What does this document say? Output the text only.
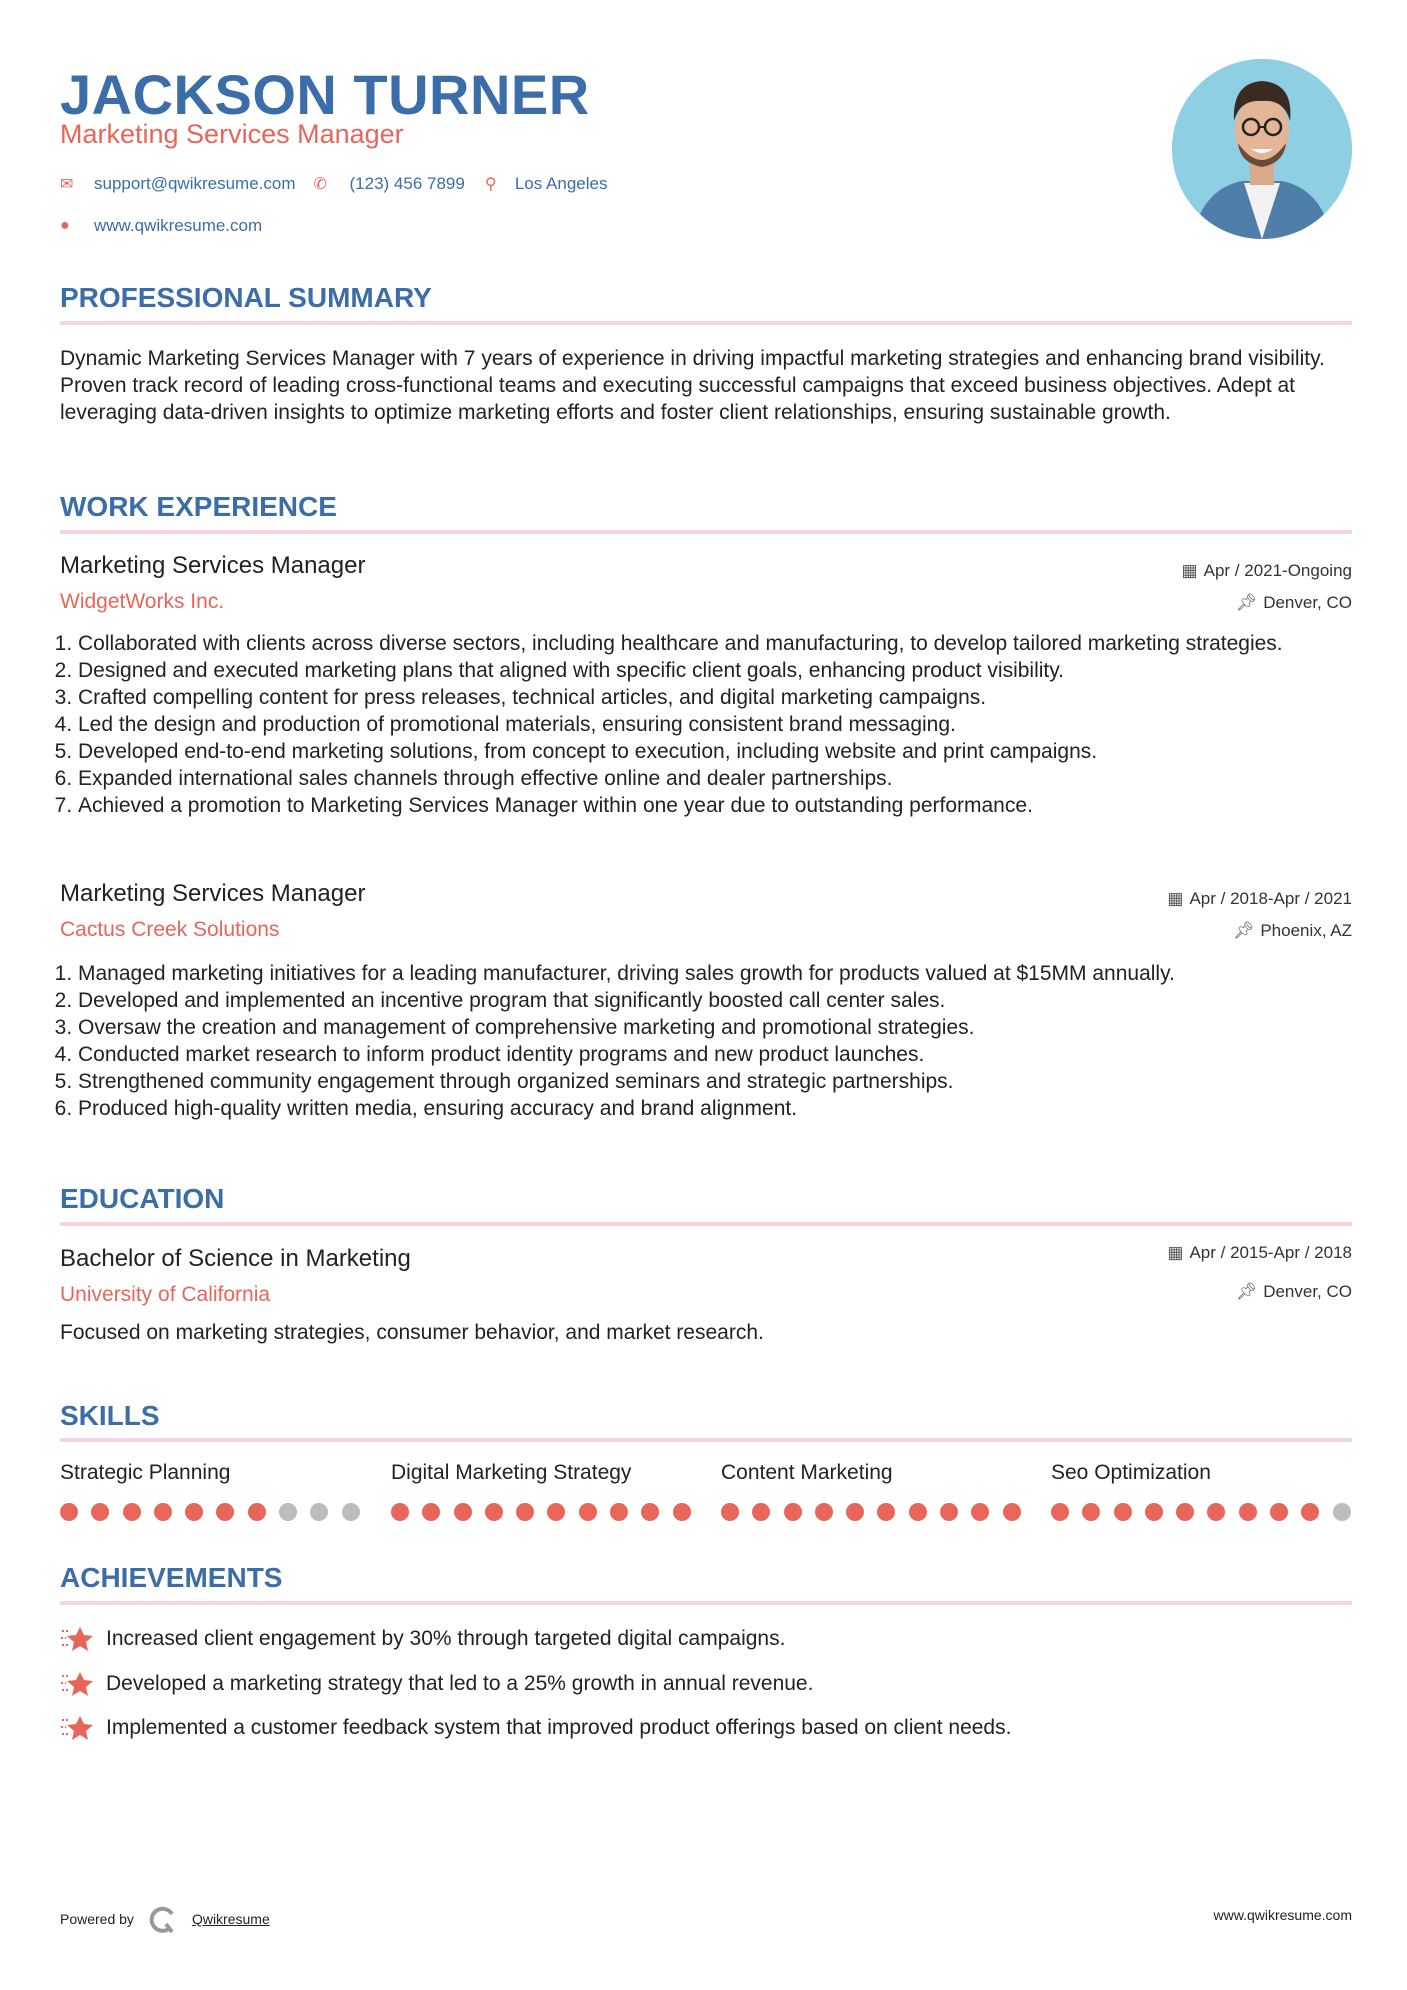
JACKSON TURNER
Marketing Services Manager
✉	support@qwikresume.com ✆	(123) 456 7899 ⚲	Los Angeles
●	www.qwikresume.com
PROFESSIONAL SUMMARY
Dynamic Marketing Services Manager with 7 years of experience in driving impactful marketing strategies and enhancing brand visibility. Proven track record of leading cross-functional teams and executing successful campaigns that exceed business objectives. Adept at leveraging data-driven insights to optimize marketing efforts and foster client relationships, ensuring sustainable growth.
WORK EXPERIENCE
Marketing Services Manager
WidgetWorks Inc.
▦ Apr / 2021-Ongoing
📌︎ Denver, CO
1. Collaborated with clients across diverse sectors, including healthcare and manufacturing, to develop tailored marketing strategies.
2. Designed and executed marketing plans that aligned with specific client goals, enhancing product visibility.
3. Crafted compelling content for press releases, technical articles, and digital marketing campaigns.
4. Led the design and production of promotional materials, ensuring consistent brand messaging.
5. Developed end-to-end marketing solutions, from concept to execution, including website and print campaigns.
6. Expanded international sales channels through effective online and dealer partnerships.
7. Achieved a promotion to Marketing Services Manager within one year due to outstanding performance.
Marketing Services Manager
Cactus Creek Solutions
▦ Apr / 2018-Apr / 2021
📌︎ Phoenix, AZ
1. Managed marketing initiatives for a leading manufacturer, driving sales growth for products valued at $15MM annually.
2. Developed and implemented an incentive program that significantly boosted call center sales.
3. Oversaw the creation and management of comprehensive marketing and promotional strategies.
4. Conducted market research to inform product identity programs and new product launches.
5. Strengthened community engagement through organized seminars and strategic partnerships.
6. Produced high-quality written media, ensuring accuracy and brand alignment.
EDUCATION
Bachelor of Science in Marketing
University of California
▦ Apr / 2015-Apr / 2018
📌︎ Denver, CO
Focused on marketing strategies, consumer behavior, and market research.
SKILLS
Strategic Planning	Digital Marketing Strategy	Content Marketing	Seo Optimization
ACHIEVEMENTS
Increased client engagement by 30% through targeted digital campaigns.
Developed a marketing strategy that led to a 25% growth in annual revenue.
Implemented a customer feedback system that improved product offerings based on client needs.
Powered by	Qwikresume	www.qwikresume.com
